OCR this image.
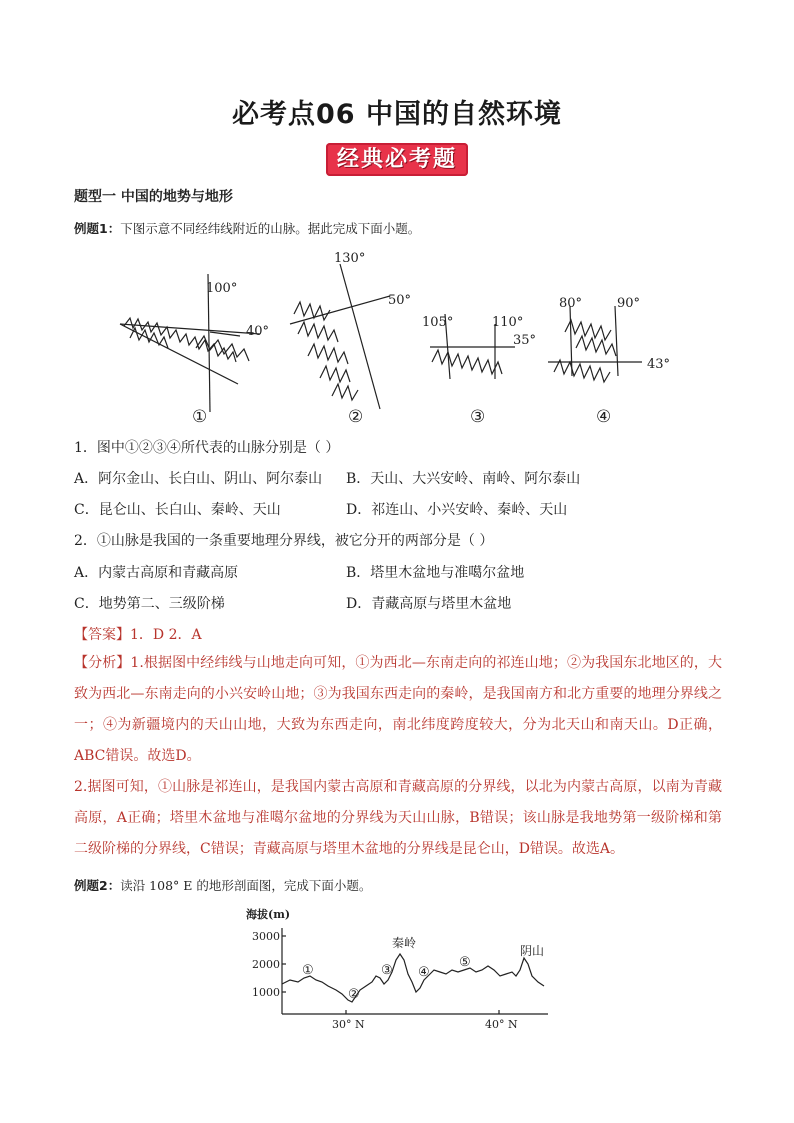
必考点06 中国的自然环境
经典必考题
题型一 中国的地势与地形
例题1：下图示意不同经纬线附近的山脉。据此完成下面小题。
100°
40°
130°
50°
105°	110°
35°
80°	90°
43°
①	②	③	④
1．图中①②③④所代表的山脉分别是（ ）
A．阿尔金山、长白山、阴山、阿尔泰山 B．天山、大兴安岭、南岭、阿尔泰山
C．昆仑山、长白山、秦岭、天山	D．祁连山、小兴安岭、秦岭、天山
2．①山脉是我国的一条重要地理分界线，被它分开的两部分是（ ）
A．内蒙古高原和青藏高原	B．塔里木盆地与准噶尔盆地
C．地势第二、三级阶梯	D．青藏高原与塔里木盆地
【答案】1．D 2．A
【分析】1.根据图中经纬线与山地走向可知，①为西北—东南走向的祁连山地；②为我国东北地区的，大致为西北—东南走向的小兴安岭山地；③为我国东西走向的秦岭，是我国南方和北方重要的地理分界线之一；④为新疆境内的天山山地，大致为东西走向，南北纬度跨度较大，分为北天山和南天山。D正确，ABC错误。故选D。
2.据图可知，①山脉是祁连山，是我国内蒙古高原和青藏高原的分界线，以北为内蒙古高原，以南为青藏高原，A正确；塔里木盆地与准噶尔盆地的分界线为天山山脉，B错误；该山脉是我地势第一级阶梯和第二级阶梯的分界线，C错误；青藏高原与塔里木盆地的分界线是昆仑山，D错误。故选A。
例题2：读沿 108° E 的地形剖面图，完成下面小题。
海拔(m)
3000
2000
1000
30° N	40° N
秦岭
阴山
①
②
③ ④
⑤
